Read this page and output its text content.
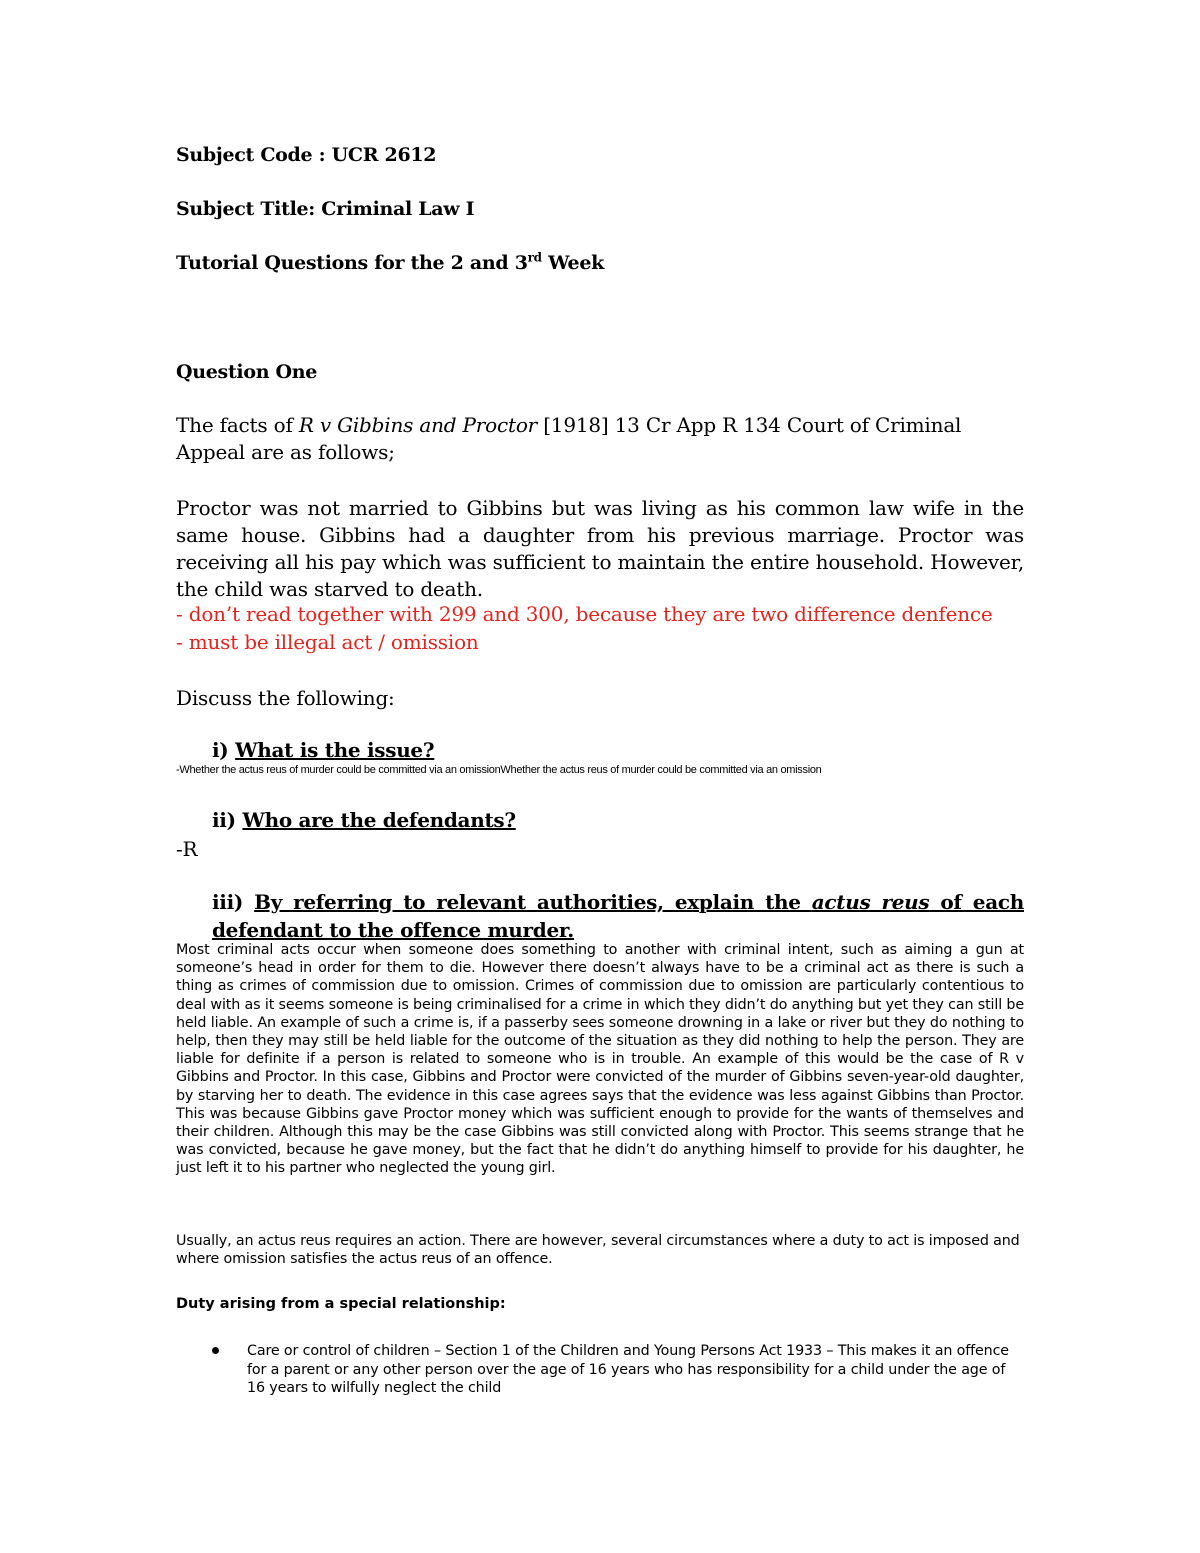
Subject Code : UCR 2612

Subject Title: Criminal Law I

Tutorial Questions for the 2 and 3rd Week

Question One

The facts of R v Gibbins and Proctor [1918] 13 Cr App R 134 Court of Criminal Appeal are as follows;

Proctor was not married to Gibbins but was living as his common law wife in the same house. Gibbins had a daughter from his previous marriage. Proctor was receiving all his pay which was sufficient to maintain the entire household. However, the child was starved to death.

- don’t read together with 299 and 300, because they are two difference denfence

- must be illegal act / omission

Discuss the following:

i) What is the issue?

-Whether the actus reus of murder could be committed via an omissionWhether the actus reus of murder could be committed via an omission

ii) Who are the defendants?

-R

iii) By referring to relevant authorities, explain the actus reus of each defendant to the offence murder.

Most criminal acts occur when someone does something to another with criminal intent, such as aiming a gun at someone’s head in order for them to die. However there doesn’t always have to be a criminal act as there is such a thing as crimes of commission due to omission. Crimes of commission due to omission are particularly contentious to deal with as it seems someone is being criminalised for a crime in which they didn’t do anything but yet they can still be held liable. An example of such a crime is, if a passerby sees someone drowning in a lake or river but they do nothing to help, then they may still be held liable for the outcome of the situation as they did nothing to help the person. They are liable for definite if a person is related to someone who is in trouble. An example of this would be the case of R v Gibbins and Proctor. In this case, Gibbins and Proctor were convicted of the murder of Gibbins seven-year-old daughter, by starving her to death. The evidence in this case agrees says that the evidence was less against Gibbins than Proctor. This was because Gibbins gave Proctor money which was sufficient enough to provide for the wants of themselves and their children. Although this may be the case Gibbins was still convicted along with Proctor. This seems strange that he was convicted, because he gave money, but the fact that he didn’t do anything himself to provide for his daughter, he just left it to his partner who neglected the young girl.

Usually, an actus reus requires an action. There are however, several circumstances where a duty to act is imposed and where omission satisfies the actus reus of an offence.

Duty arising from a special relationship:

Care or control of children – Section 1 of the Children and Young Persons Act 1933 – This makes it an offence for a parent or any other person over the age of 16 years who has responsibility for a child under the age of 16 years to wilfully neglect the child
